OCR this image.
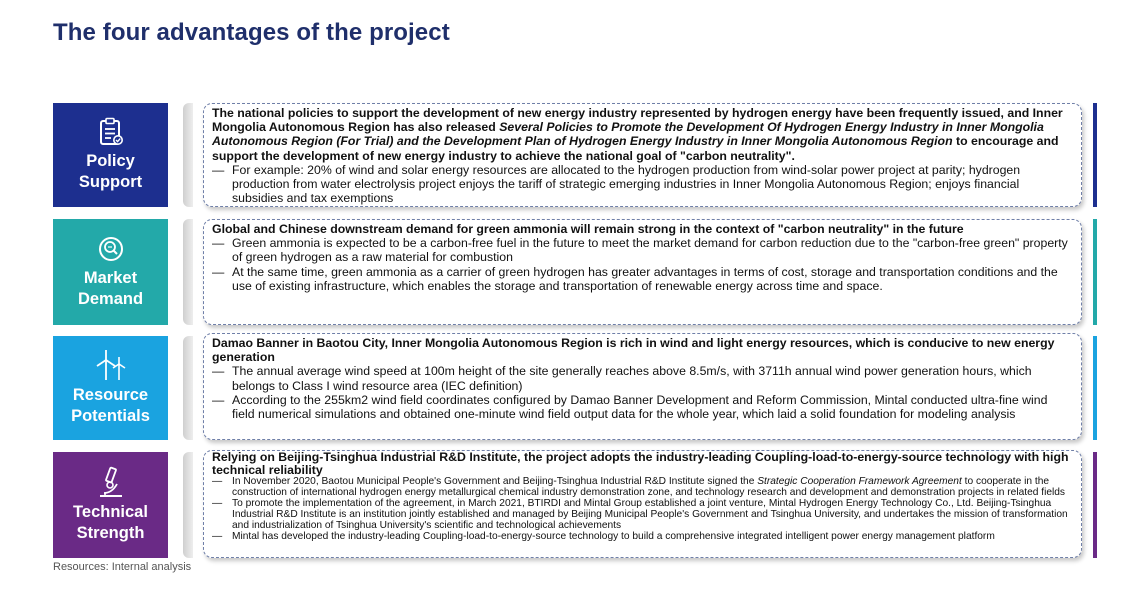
The four advantages of the project
Policy
Support
The national policies to support the development of new energy industry represented by hydrogen energy have been frequently issued, and Inner Mongolia Autonomous Region has also released Several Policies to Promote the Development Of Hydrogen Energy Industry in Inner Mongolia Autonomous Region (For Trial) and the Development Plan of Hydrogen Energy Industry in Inner Mongolia Autonomous Region to encourage and support the development of new energy industry to achieve the national goal of "carbon neutrality".
— For example: 20% of wind and solar energy resources are allocated to the hydrogen production from wind-solar power project at parity; hydrogen production from water electrolysis project enjoys the tariff of strategic emerging industries in Inner Mongolia Autonomous Region; enjoys financial subsidies and tax exemptions
Market
Demand
Global and Chinese downstream demand for green ammonia will remain strong in the context of "carbon neutrality" in the future
— Green ammonia is expected to be a carbon-free fuel in the future to meet the market demand for carbon reduction due to the "carbon-free green" property of green hydrogen as a raw material for combustion
— At the same time, green ammonia as a carrier of green hydrogen has greater advantages in terms of cost, storage and transportation conditions and the use of existing infrastructure, which enables the storage and transportation of renewable energy across time and space.
Resource
Potentials
Damao Banner in Baotou City, Inner Mongolia Autonomous Region is rich in wind and light energy resources, which is conducive to new energy generation
— The annual average wind speed at 100m height of the site generally reaches above 8.5m/s, with 3711h annual wind power generation hours, which belongs to Class I wind resource area (IEC definition)
— According to the 255km2 wind field coordinates configured by Damao Banner Development and Reform Commission, Mintal conducted ultra-fine wind field numerical simulations and obtained one-minute wind field output data for the whole year, which laid a solid foundation for modeling analysis
Technical
Strength
Relying on Beijing-Tsinghua Industrial R&D Institute, the project adopts the industry-leading Coupling-load-to-energy-source technology with high technical reliability
— In November 2020, Baotou Municipal People's Government and Beijing-Tsinghua Industrial R&D Institute signed the Strategic Cooperation Framework Agreement to cooperate in the construction of international hydrogen energy metallurgical chemical industry demonstration zone, and technology research and development and demonstration projects in related fields
— To promote the implementation of the agreement, in March 2021, BTIRDI and Mintal Group established a joint venture, Mintal Hydrogen Energy Technology Co., Ltd. Beijing-Tsinghua Industrial R&D Institute is an institution jointly established and managed by Beijing Municipal People's Government and Tsinghua University, and undertakes the mission of transformation and industrialization of Tsinghua University's scientific and technological achievements
— Mintal has developed the industry-leading Coupling-load-to-energy-source technology to build a comprehensive integrated intelligent power energy management platform
Resources: Internal analysis
